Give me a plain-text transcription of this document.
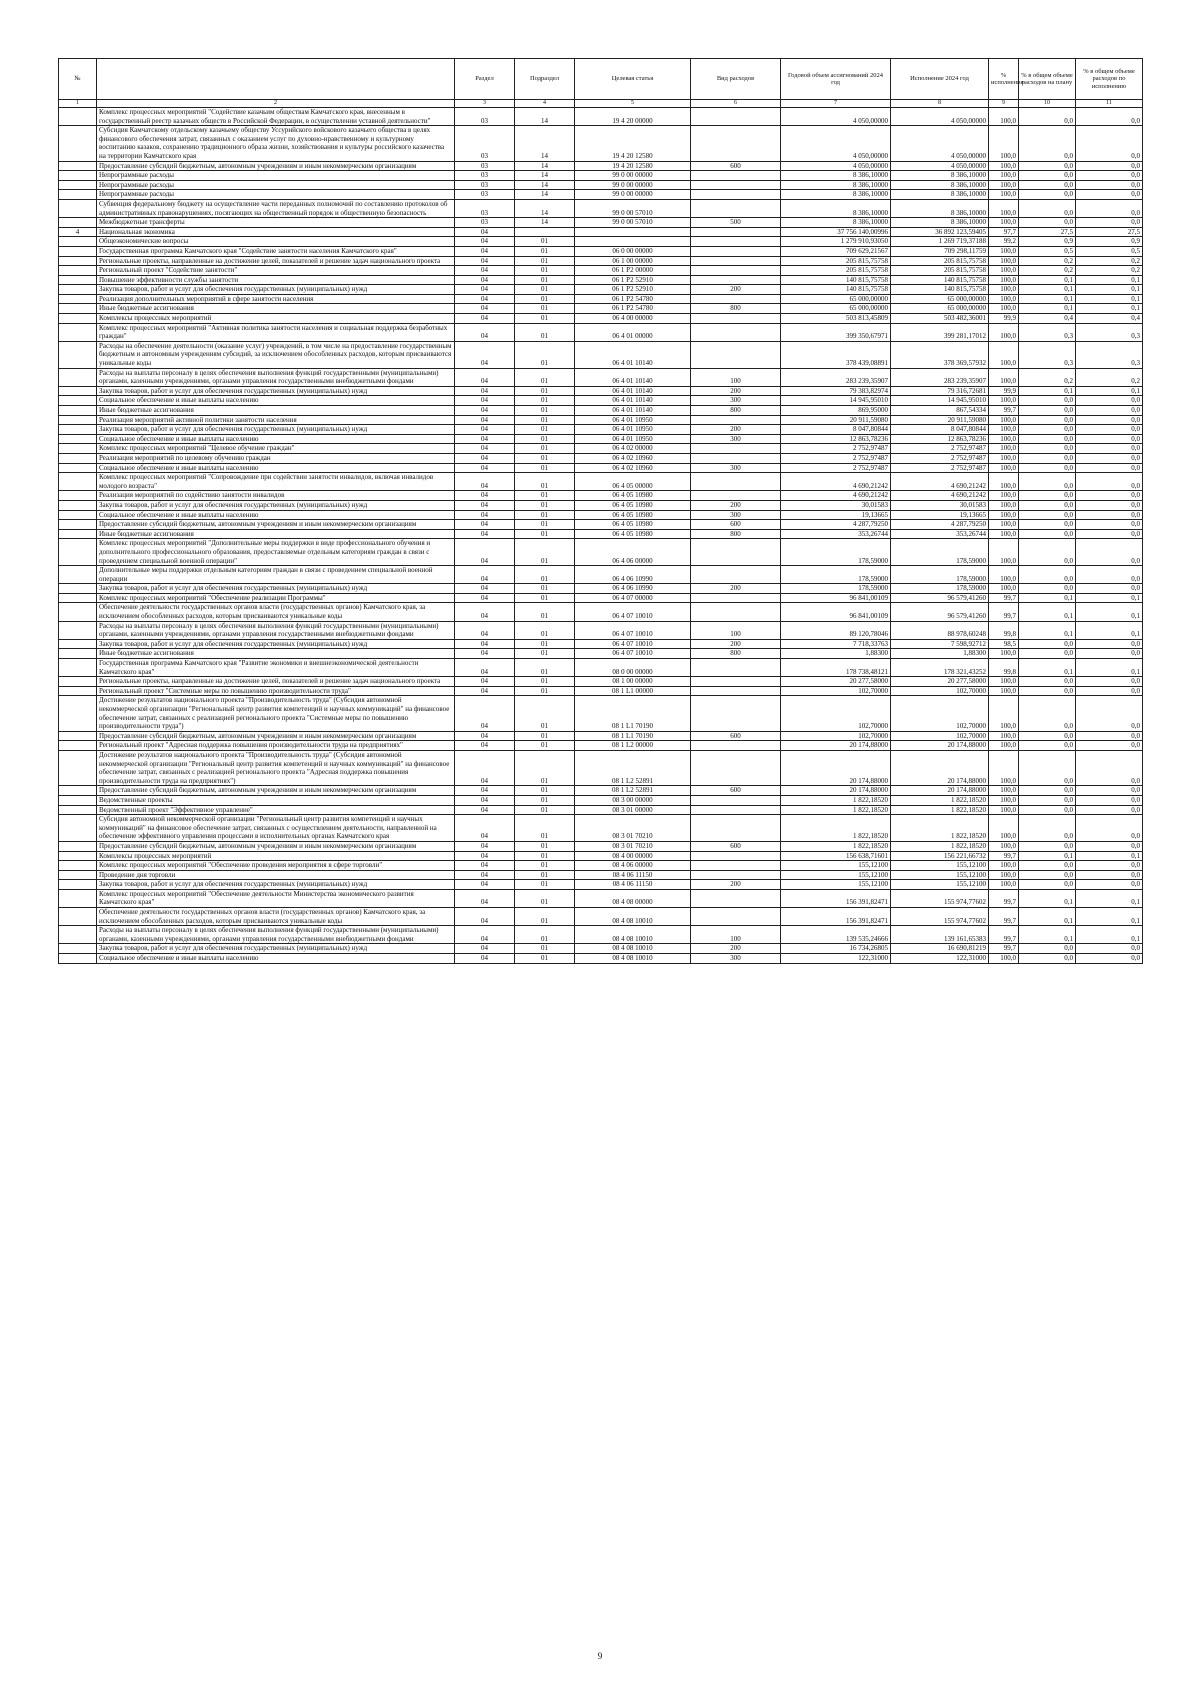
№		Раздел	Подраздел	Целевая статья	Вид расходов	Годовой объем ассигнований 2024 год	Исполнение 2024 год	% исполнения	% в общем объеме расходов на плану	% в общем объеме расходов по исполнению
1	2	3	4	5	6	7	8	9	10	11
	Комплекс процессных мероприятий "Содействие казачьим обществам Камчатского края, внесенным в государственный реестр казачьих обществ в Российской Федерации, в осуществлении уставной деятельности"	03	14	19 4 20 00000		4 050,00000	4 050,00000	100,0	0,0	0,0
	Субсидия Камчатскому отдельскому казачьему обществу Уссурийского войскового казачьего общества в целях финансового обеспечения затрат, связанных с оказанием услуг по духовно-нравственному и культурному воспитанию казаков, сохранению традиционного образа жизни, хозяйствования и культуры российского казачества на территории Камчатского края	03	14	19 4 20 12580		4 050,00000	4 050,00000	100,0	0,0	0,0
	Предоставление субсидий бюджетным, автономным учреждениям и иным некоммерческим организациям	03	14	19 4 20 12580	600	4 050,00000	4 050,00000	100,0	0,0	0,0
	Непрограммные расходы	03	14	99 0 00 00000		8 386,10000	8 386,10000	100,0	0,0	0,0
	Непрограммные расходы	03	14	99 0 00 00000		8 386,10000	8 386,10000	100,0	0,0	0,0
	Непрограммные расходы	03	14	99 0 00 00000		8 386,10000	8 386,10000	100,0	0,0	0,0
	Субвенция федеральному бюджету на осуществление части переданных полномочий по составлению протоколов об административных правонарушениях, посягающих на общественный порядок и общественную безопасность	03	14	99 0 00 57010		8 386,10000	8 386,10000	100,0	0,0	0,0
	Межбюджетные трансферты	03	14	99 0 00 57010	500	8 386,10000	8 386,10000	100,0	0,0	0,0
4	Национальная экономика	04				37 756 140,00996	36 892 123,59405	97,7	27,5	27,5
	Общеэкономические вопросы	04	01			1 279 910,93050	1 269 719,37188	99,2	0,9	0,9
	Государственная программа Камчатского края "Содействие занятости населения Камчатского края"	04	01	06 0 00 00000		709 629,21567	709 298,11759	100,0	0,5	0,5
	Региональные проекты, направленные на достижение целей, показателей и решение задач национального проекта	04	01	06 1 00 00000		205 815,75758	205 815,75758	100,0	0,2	0,2
	Региональный проект "Содействие занятости"	04	01	06 1 P2 00000		205 815,75758	205 815,75758	100,0	0,2	0,2
	Повышение эффективности службы занятости	04	01	06 1 P2 52910		140 815,75758	140 815,75758	100,0	0,1	0,1
	Закупка товаров, работ и услуг для обеспечения государственных (муниципальных) нужд	04	01	06 1 P2 52910	200	140 815,75758	140 815,75758	100,0	0,1	0,1
	Реализация дополнительных мероприятий в сфере занятости населения	04	01	06 1 P2 54780		65 000,00000	65 000,00000	100,0	0,1	0,1
	Иные бюджетные ассигнования	04	01	06 1 P2 54780	800	65 000,00000	65 000,00000	100,0	0,1	0,1
	Комплексы процессных мероприятий	04	01	06 4 00 00000		503 813,45809	503 482,36001	99,9	0,4	0,4
	Комплекс процессных мероприятий "Активная политика занятости населения и социальная поддержка безработных граждан"	04	01	06 4 01 00000		399 350,67971	399 281,17012	100,0	0,3	0,3
	Расходы на обеспечение деятельности (оказание услуг) учреждений, в том числе на предоставление государственным бюджетным и автономным учреждениям субсидий, за исключением обособленных расходов, которым присваиваются уникальные коды	04	01	06 4 01 10140		378 439,08891	378 369,57932	100,0	0,3	0,3
	Расходы на выплаты персоналу в целях обеспечения выполнения функций государственными (муниципальными) органами, казенными учреждениями, органами управления государственными внебюджетными фондами	04	01	06 4 01 10140	100	283 239,35907	283 239,35907	100,0	0,2	0,2
	Закупка товаров, работ и услуг для обеспечения государственных (муниципальных) нужд	04	01	06 4 01 10140	200	79 383,82974	79 316,72681	99,9	0,1	0,1
	Социальное обеспечение и иные выплаты населению	04	01	06 4 01 10140	300	14 945,95010	14 945,95010	100,0	0,0	0,0
	Иные бюджетные ассигнования	04	01	06 4 01 10140	800	869,95000	867,54334	99,7	0,0	0,0
	Реализация мероприятий активной политики занятости населения	04	01	06 4 01 10950		20 911,59080	20 911,59080	100,0	0,0	0,0
	Закупка товаров, работ и услуг для обеспечения государственных (муниципальных) нужд	04	01	06 4 01 10950	200	8 047,80844	8 047,80844	100,0	0,0	0,0
	Социальное обеспечение и иные выплаты населению	04	01	06 4 01 10950	300	12 863,78236	12 863,78236	100,0	0,0	0,0
	Комплекс процессных мероприятий "Целевое обучение граждан"	04	01	06 4 02 00000		2 752,97487	2 752,97487	100,0	0,0	0,0
	Реализация мероприятий по целевому обучению граждан	04	01	06 4 02 10960		2 752,97487	2 752,97487	100,0	0,0	0,0
	Социальное обеспечение и иные выплаты населению	04	01	06 4 02 10960	300	2 752,97487	2 752,97487	100,0	0,0	0,0
	Комплекс процессных мероприятий "Сопровождение при содействии занятости инвалидов, включая инвалидов молодого возраста"	04	01	06 4 05 00000		4 690,21242	4 690,21242	100,0	0,0	0,0
	Реализация мероприятий по содействию занятости инвалидов	04	01	06 4 05 10980		4 690,21242	4 690,21242	100,0	0,0	0,0
	Закупка товаров, работ и услуг для обеспечения государственных (муниципальных) нужд	04	01	06 4 05 10980	200	30,01583	30,01583	100,0	0,0	0,0
	Социальное обеспечение и иные выплаты населению	04	01	06 4 05 10980	300	19,13665	19,13665	100,0	0,0	0,0
	Предоставление субсидий бюджетным, автономным учреждениям и иным некоммерческим организациям	04	01	06 4 05 10980	600	4 287,79250	4 287,79250	100,0	0,0	0,0
	Иные бюджетные ассигнования	04	01	06 4 05 10980	800	353,26744	353,26744	100,0	0,0	0,0
	Комплекс процессных мероприятий "Дополнительные меры поддержки в виде профессионального обучения и дополнительного профессионального образования, предоставляемые отдельным категориям граждан в связи с проведением специальной военной операции"	04	01	06 4 06 00000		178,59000	178,59000	100,0	0,0	0,0
	Дополнительные меры поддержки отдельным категориям граждан в связи с проведением специальной военной операции	04	01	06 4 06 10990		178,59000	178,59000	100,0	0,0	0,0
	Закупка товаров, работ и услуг для обеспечения государственных (муниципальных) нужд	04	01	06 4 06 10990	200	178,59000	178,59000	100,0	0,0	0,0
	Комплекс процессных мероприятий "Обеспечение реализации Программы"	04	01	06 4 07 00000		96 841,00109	96 579,41260	99,7	0,1	0,1
	Обеспечение деятельности государственных органов власти (государственных органов) Камчатского края, за исключением обособленных расходов, которым присваиваются уникальные коды	04	01	06 4 07 10010		96 841,00109	96 579,41260	99,7	0,1	0,1
	Расходы на выплаты персоналу в целях обеспечения выполнения функций государственными (муниципальными) органами, казенными учреждениями, органами управления государственными внебюджетными фондами	04	01	06 4 07 10010	100	89 120,78046	88 978,60248	99,8	0,1	0,1
	Закупка товаров, работ и услуг для обеспечения государственных (муниципальных) нужд	04	01	06 4 07 10010	200	7 718,33763	7 598,92712	98,5	0,0	0,0
	Иные бюджетные ассигнования	04	01	06 4 07 10010	800	1,88300	1,88300	100,0	0,0	0,0
	Государственная программа Камчатского края "Развитие экономики и внешнеэкономической деятельности Камчатского края"	04	01	08 0 00 00000		178 738,48121	178 321,43252	99,8	0,1	0,1
	Региональные проекты, направленные на достижение целей, показателей и решение задач национального проекта	04	01	08 1 00 00000		20 277,58000	20 277,58000	100,0	0,0	0,0
	Региональный проект "Системные меры по повышению производительности труда"	04	01	08 1 L1 00000		102,70000	102,70000	100,0	0,0	0,0
	Достижение результатов национального проекта "Производительность труда" (Субсидия автономной некоммерческой организации "Региональный центр развития компетенций и научных коммуникаций" на финансовое обеспечение затрат, связанных с реализацией регионального проекта "Системные меры по повышению производительности труда")	04	01	08 1 L1 70190		102,70000	102,70000	100,0	0,0	0,0
	Предоставление субсидий бюджетным, автономным учреждениям и иным некоммерческим организациям	04	01	08 1 L1 70190	600	102,70000	102,70000	100,0	0,0	0,0
	Региональный проект "Адресная поддержка повышения производительности труда на предприятиях"	04	01	08 1 L2 00000		20 174,88000	20 174,88000	100,0	0,0	0,0
	Достижение результатов национального проекта "Производительность труда" (Субсидия автономной некоммерческой организации "Региональный центр развития компетенций и научных коммуникаций" на финансовое обеспечение затрат, связанных с реализацией регионального проекта "Адресная поддержка повышения производительности труда на предприятиях")	04	01	08 1 L2 52891		20 174,88000	20 174,88000	100,0	0,0	0,0
	Предоставление субсидий бюджетным, автономным учреждениям и иным некоммерческим организациям	04	01	08 1 L2 52891	600	20 174,88000	20 174,88000	100,0	0,0	0,0
	Ведомственные проекты	04	01	08 3 00 00000		1 822,18520	1 822,18520	100,0	0,0	0,0
	Ведомственный проект "Эффективное управление"	04	01	08 3 01 00000		1 822,18520	1 822,18520	100,0	0,0	0,0
	Субсидия автономной некоммерческой организации "Региональный центр развития компетенций и научных коммуникаций" на финансовое обеспечение затрат, связанных с осуществлением деятельности, направленной на обеспечение эффективного управления процессами в исполнительных органах Камчатского края	04	01	08 3 01 70210		1 822,18520	1 822,18520	100,0	0,0	0,0
	Предоставление субсидий бюджетным, автономным учреждениям и иным некоммерческим организациям	04	01	08 3 01 70210	600	1 822,18520	1 822,18520	100,0	0,0	0,0
	Комплексы процессных мероприятий	04	01	08 4 00 00000		156 638,71601	156 221,66732	99,7	0,1	0,1
	Комплекс процессных мероприятий "Обеспечение проведения мероприятия в сфере торговли"	04	01	08 4 06 00000		155,12100	155,12100	100,0	0,0	0,0
	Проведение дня торговли	04	01	08 4 06 11150		155,12100	155,12100	100,0	0,0	0,0
	Закупка товаров, работ и услуг для обеспечения государственных (муниципальных) нужд	04	01	08 4 06 11150	200	155,12100	155,12100	100,0	0,0	0,0
	Комплекс процессных мероприятий "Обеспечение деятельности Министерства экономического развития Камчатского края"	04	01	08 4 08 00000		156 391,82471	155 974,77602	99,7	0,1	0,1
	Обеспечение деятельности государственных органов власти (государственных органов) Камчатского края, за исключением обособленных расходов, которым присваиваются уникальные коды	04	01	08 4 08 10010		156 391,82471	155 974,77602	99,7	0,1	0,1
	Расходы на выплаты персоналу в целях обеспечения выполнения функций государственными (муниципальными) органами, казенными учреждениями, органами управления государственными внебюджетными фондами	04	01	08 4 08 10010	100	139 535,24666	139 161,65383	99,7	0,1	0,1
	Закупка товаров, работ и услуг для обеспечения государственных (муниципальных) нужд	04	01	08 4 08 10010	200	16 734,26805	16 690,81219	99,7	0,0	0,0
	Социальное обеспечение и иные выплаты населению	04	01	08 4 08 10010	300	122,31000	122,31000	100,0	0,0	0,0
9
